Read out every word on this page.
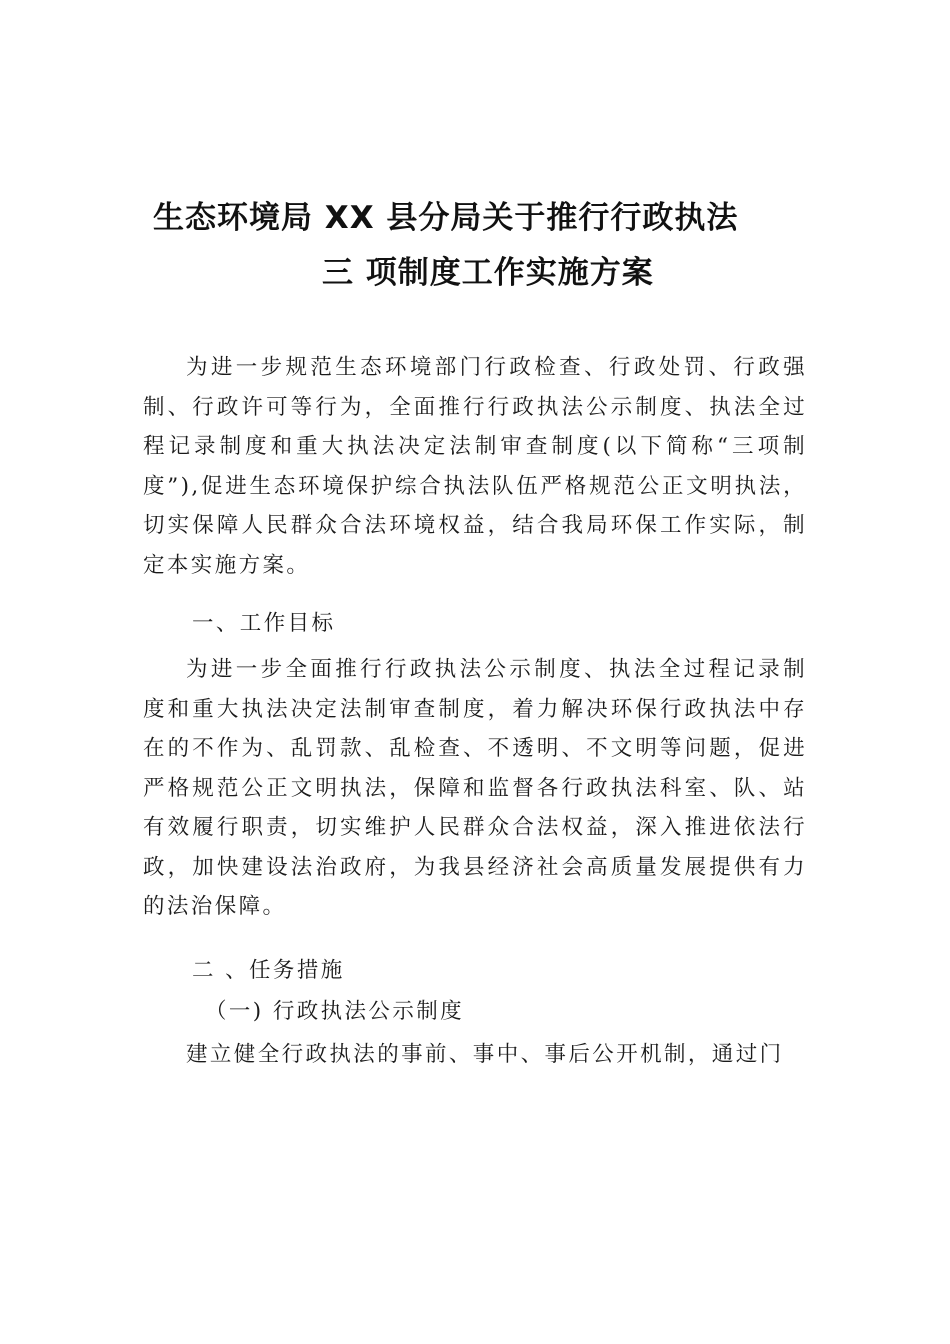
生态环境局 XX 县分局关于推行行政执法
三 项制度工作实施方案

为进一步规范生态环境部门行政检查、行政处罚、行政强制、行政许可等行为，全面推行行政执法公示制度、执法全过程记录制度和重大执法决定法制审查制度(以下简称“三项制度”),促进生态环境保护综合执法队伍严格规范公正文明执法，切实保障人民群众合法环境权益，结合我局环保工作实际，制定本实施方案。

一、工作目标

为进一步全面推行行政执法公示制度、执法全过程记录制度和重大执法决定法制审查制度，着力解决环保行政执法中存在的不作为、乱罚款、乱检查、不透明、不文明等问题，促进严格规范公正文明执法，保障和监督各行政执法科室、队、站有效履行职责，切实维护人民群众合法权益，深入推进依法行政，加快建设法治政府，为我县经济社会高质量发展提供有力的法治保障。

二 、任务措施

（一) 行政执法公示制度

建立健全行政执法的事前、事中、事后公开机制，通过门
